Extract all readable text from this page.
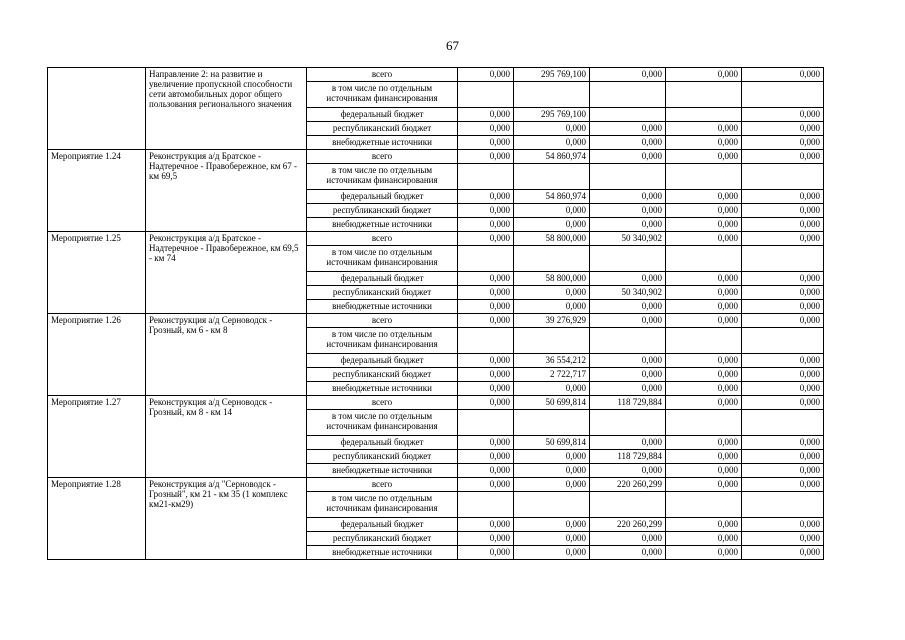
67
	Направление 2: на развитие и увеличение пропускной способности сети автомобильных дорог общего пользования регионального значения	всего	0,000	295 769,100	0,000	0,000	0,000
		в том числе по отдельным источникам финансирования					
		федеральный бюджет	0,000	295 769,100			0,000
		республиканский бюджет	0,000	0,000	0,000	0,000	0,000
		внебюджетные источники	0,000	0,000	0,000	0,000	0,000
Мероприятие 1.24	Реконструкция а/д Братское - Надтеречное - Правобережное, км 67 - км 69,5	всего	0,000	54 860,974	0,000	0,000	0,000
		в том числе по отдельным источникам финансирования					
		федеральный бюджет	0,000	54 860,974	0,000	0,000	0,000
		республиканский бюджет	0,000	0,000	0,000	0,000	0,000
		внебюджетные источники	0,000	0,000	0,000	0,000	0,000
Мероприятие 1.25	Реконструкция а/д Братское - Надтеречное - Правобережное, км 69,5 - км 74	всего	0,000	58 800,000	50 340,902	0,000	0,000
		в том числе по отдельным источникам финансирования					
		федеральный бюджет	0,000	58 800,000	0,000	0,000	0,000
		республиканский бюджет	0,000	0,000	50 340,902	0,000	0,000
		внебюджетные источники	0,000	0,000	0,000	0,000	0,000
Мероприятие 1.26	Реконструкция а/д Серноводск - Грозный, км 6 - км 8	всего	0,000	39 276,929	0,000	0,000	0,000
		в том числе по отдельным источникам финансирования					
		федеральный бюджет	0,000	36 554,212	0,000	0,000	0,000
		республиканский бюджет	0,000	2 722,717	0,000	0,000	0,000
		внебюджетные источники	0,000	0,000	0,000	0,000	0,000
Мероприятие 1.27	Реконструкция а/д Серноводск - Грозный, км 8 - км 14	всего	0,000	50 699,814	118 729,884	0,000	0,000
		в том числе по отдельным источникам финансирования					
		федеральный бюджет	0,000	50 699,814	0,000	0,000	0,000
		республиканский бюджет	0,000	0,000	118 729,884	0,000	0,000
		внебюджетные источники	0,000	0,000	0,000	0,000	0,000
Мероприятие 1.28	Реконструкция а/д "Серноводск - Грозный", км 21 - км 35 (1 комплекс км21-км29)	всего	0,000	0,000	220 260,299	0,000	0,000
		в том числе по отдельным источникам финансирования					
		федеральный бюджет	0,000	0,000	220 260,299	0,000	0,000
		республиканский бюджет	0,000	0,000	0,000	0,000	0,000
		внебюджетные источники	0,000	0,000	0,000	0,000	0,000
